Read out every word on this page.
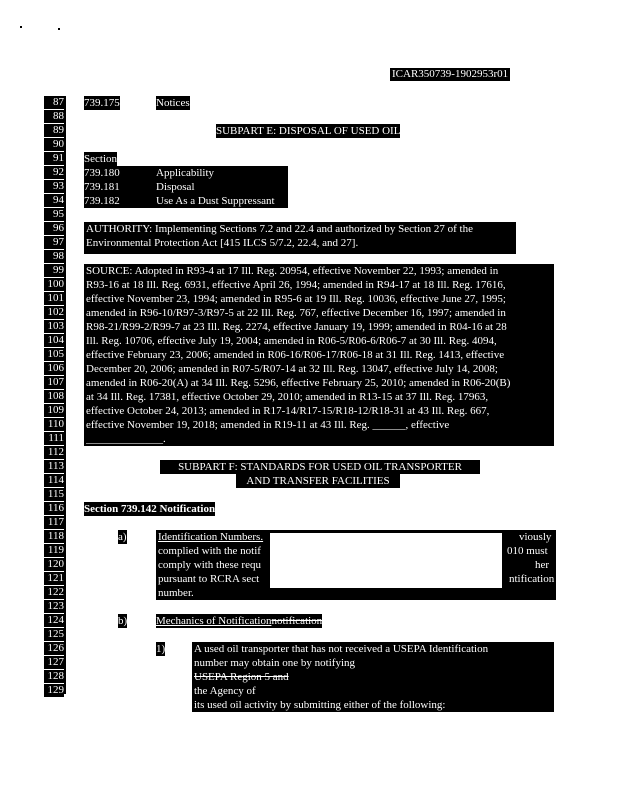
ICAR350739-1902953r01
87
88
89
90
91
92
93
94
95
96
97
98
99
100
101
102
103
104
105
106
107
108
109
110
111
112
113
114
115
116
117
118
119
120
121
122
123
124
125
126
127
128
129
739.175	Notices
SUBPART E: DISPOSAL OF USED OIL
Section
739.180	Applicability
739.181	Disposal
739.182	Use As a Dust Suppressant
AUTHORITY: Implementing Sections 7.2 and 22.4 and authorized by Section 27 of the
Environmental Protection Act [415 ILCS 5/7.2, 22.4, and 27].
SOURCE: Adopted in R93-4 at 17 Ill. Reg. 20954, effective November 22, 1993; amended in
R93-16 at 18 Ill. Reg. 6931, effective April 26, 1994; amended in R94-17 at 18 Ill. Reg. 17616,
effective November 23, 1994; amended in R95-6 at 19 Ill. Reg. 10036, effective June 27, 1995;
amended in R96-10/R97-3/R97-5 at 22 Ill. Reg. 767, effective December 16, 1997; amended in
R98-21/R99-2/R99-7 at 23 Ill. Reg. 2274, effective January 19, 1999; amended in R04-16 at 28
Ill. Reg. 10706, effective July 19, 2004; amended in R06-5/R06-6/R06-7 at 30 Ill. Reg. 4094,
effective February 23, 2006; amended in R06-16/R06-17/R06-18 at 31 Ill. Reg. 1413, effective
December 20, 2006; amended in R07-5/R07-14 at 32 Ill. Reg. 13047, effective July 14, 2008;
amended in R06-20(A) at 34 Ill. Reg. 5296, effective February 25, 2010; amended in R06-20(B)
at 34 Ill. Reg. 17381, effective October 29, 2010; amended in R13-15 at 37 Ill. Reg. 17963,
effective October 24, 2013; amended in R17-14/R17-15/R18-12/R18-31 at 43 Ill. Reg. 667,
effective November 19, 2018; amended in R19-11 at 43 Ill. Reg. ______, effective
______________.
SUBPART F: STANDARDS FOR USED OIL TRANSPORTER
AND TRANSFER FACILITIES
Section 739.142 Notification
a)	Identification Numbers.
complied with the notif
comply with these requ
pursuant to RCRA sect
number.
viously
010 must
her
ntification
b)	Mechanics of Notificationnotification
1)	A used oil transporter that has not received a USEPA Identification
number may obtain one by notifying
USEPA Region 5 and
the Agency of
its used oil activity by submitting either of the following:
